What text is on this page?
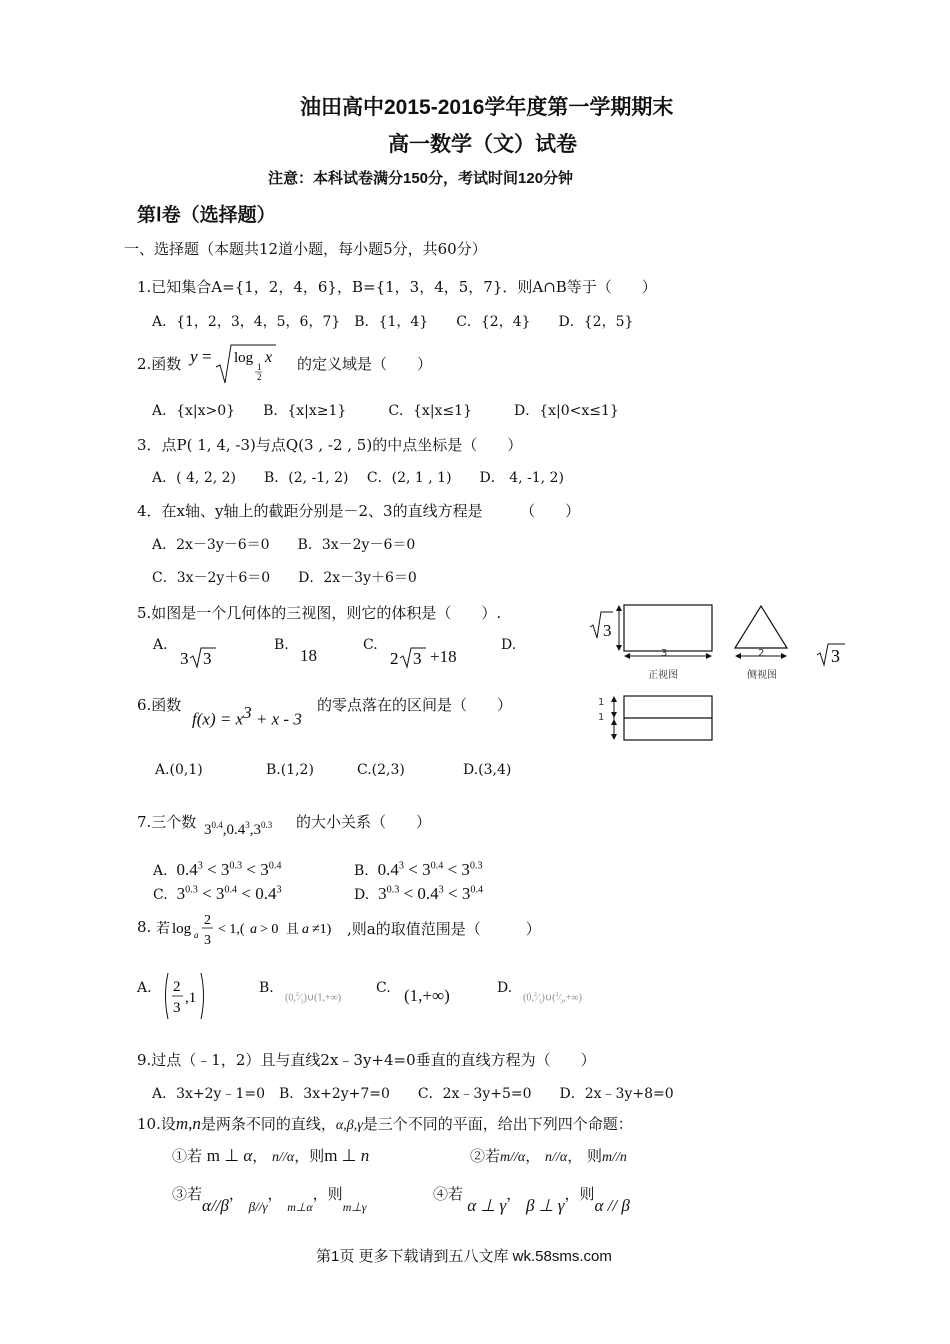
油田高中2015-2016学年度第一学期期末
高一数学（文）试卷
注意：本科试卷满分150分，考试时间120分钟
第Ⅰ卷（选择题）
一、选择题（本题共12道小题，每小题5分，共60分）
1.已知集合A={1，2，4，6}，B={1，3，4，5，7}．则A∩B等于（　　）
A．{1，2，3，4，5，6，7}　B．{1，4}　　C．{2，4}　　D．{2，5}
2.函数 y = log
1
2
x 的定义域是（　　）
A．{x|x>0}　　B．{x|x≥1}　　　C．{x|x≤1}　　　D．{x|0<x≤1}
3．点P( 1, 4, -3)与点Q(3 , -2 , 5)的中点坐标是（　　）
A．( 4, 2, 2)　　B．(2, -1, 2)　 C．(2, 1 , 1)　　D． 4, -1, 2)
4．在x轴、y轴上的截距分别是－2、3的直线方程是　　　（　　）
A．2x－3y－6＝0　　B．3x－2y－6＝0
C．3x－2y＋6＝0　　D．2x－3y＋6＝0
5.如图是一个几何体的三视图，则它的体积是（　　）.
A.
3 3
B.
18
C.
2 3 +18
D.
3
3
3	2
正视图	侧视图
1
1
6.函数
$f(x) = x^3 + x - 3$
的零点落在的区间是（　　）
A.(0,1)	B.(1,2)	C.(2,3)	D.(3,4)
7.三个数 $3^{0.4},0.4^3,3^{0.3}$ 的大小关系（　　）
A.  $0.4^3 < 3^{0.3} < 3^{0.4}$	B.  $0.4^3 < 3^{0.4} < 3^{0.3}$
C.  $3^{0.3} < 3^{0.4} < 0.4^3$	D.  $3^{0.3} < 0.4^3 < 3^{0.4}$
8. 若 log a
2
3
< 1,( a > 0 且 a ≠1) ,则a的取值范围是（　　　）
A. 2
3
,1
B.
$(0,^2⁄_3)\cup(1,+\infty)$
C. (1,+∞)	D.
$(0,^2⁄_3)\cup(^2⁄_3,+\infty)$
9.过点（﹣1，2）且与直线2x﹣3y+4=0垂直的直线方程为（　　）
A．3x+2y﹣1=0　B．3x+2y+7=0　　C．2x﹣3y+5=0　　D．2x﹣3y+8=0
10.设m,n是两条不同的直线，α,β,γ是三个不同的平面，给出下列四个命题：
①若 m ⊥ α， n//α，则m ⊥ n	②若m//α， n//α， 则m//n
③若α//β， β//γ， $_{m\perp\alpha}$，则$_{m\perp\gamma}$
④若 α ⊥ γ， β ⊥ γ，则α // β
第1页 更多下载请到五八文库 wk.58sms.com
